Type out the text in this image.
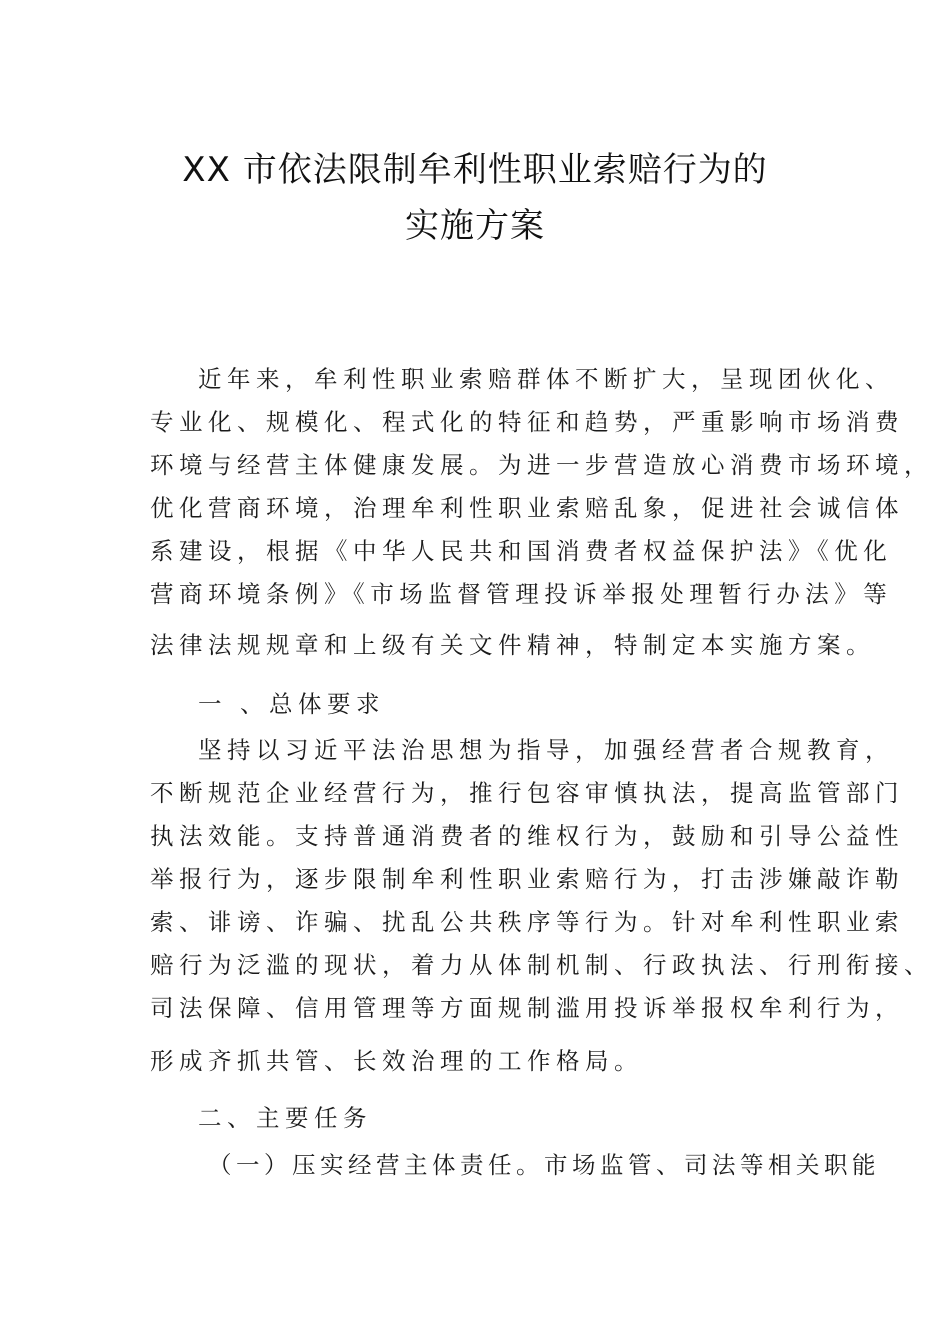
XX 市依法限制牟利性职业索赔行为的
实施方案
近年来，牟利性职业索赔群体不断扩大，呈现团伙化、
专业化、规模化、程式化的特征和趋势，严重影响市场消费
环境与经营主体健康发展。为进一步营造放心消费市场环境，
优化营商环境，治理牟利性职业索赔乱象，促进社会诚信体
系建设，根据《中华人民共和国消费者权益保护法》《优化
营商环境条例》《市场监督管理投诉举报处理暂行办法》等
法律法规规章和上级有关文件精神，特制定本实施方案。
一 、总体要求
坚持以习近平法治思想为指导，加强经营者合规教育，
不断规范企业经营行为，推行包容审慎执法，提高监管部门
执法效能。支持普通消费者的维权行为，鼓励和引导公益性
举报行为，逐步限制牟利性职业索赔行为，打击涉嫌敲诈勒
索、诽谤、诈骗、扰乱公共秩序等行为。针对牟利性职业索
赔行为泛滥的现状，着力从体制机制、行政执法、行刑衔接、
司法保障、信用管理等方面规制滥用投诉举报权牟利行为，
形成齐抓共管、长效治理的工作格局。
二、主要任务
（一）压实经营主体责任。市场监管、司法等相关职能
